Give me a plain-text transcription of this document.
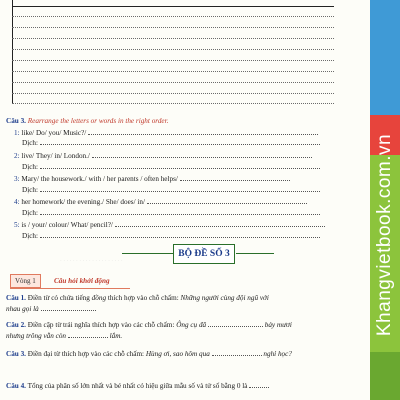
Khangvietbook.com.vn
Câu 3. Rearrange the letters or words in the right order.
1: like/ Do/ you/ Music?/
Dịch:
2: live/ They/ in/ London./
Dịch:
3: Mary/ the housework./ with / her parents / often helps/
Dịch:
4: her homework/ the evening./ She/ does/ in/
Dịch:
5: is / your/ colour/ What/ pencil?/
Dịch:
· · · · · · · · · · · · · · · · · · · ·
BỘ ĐỀ SỐ 3
Vòng 1	Câu hỏi khởi động
Câu 1. Điền từ có chứa tiếng đồng thích hợp vào chỗ chấm: Những người cùng đội ngũ với
nhau gọi là
Câu 2. Điền cặp từ trái nghĩa thích hợp vào các chỗ chấm: Ông cụ đã	bảy mươi
nhưng trông vẫn còn	lắm.
Câu 3. Điền đại từ thích hợp vào các chỗ chấm: Hùng ơi, sao hôm qua	nghỉ học?
Câu 4. Tổng của phân số lớn nhất và bé nhất có hiệu giữa mẫu số và tử số bằng 0 là
